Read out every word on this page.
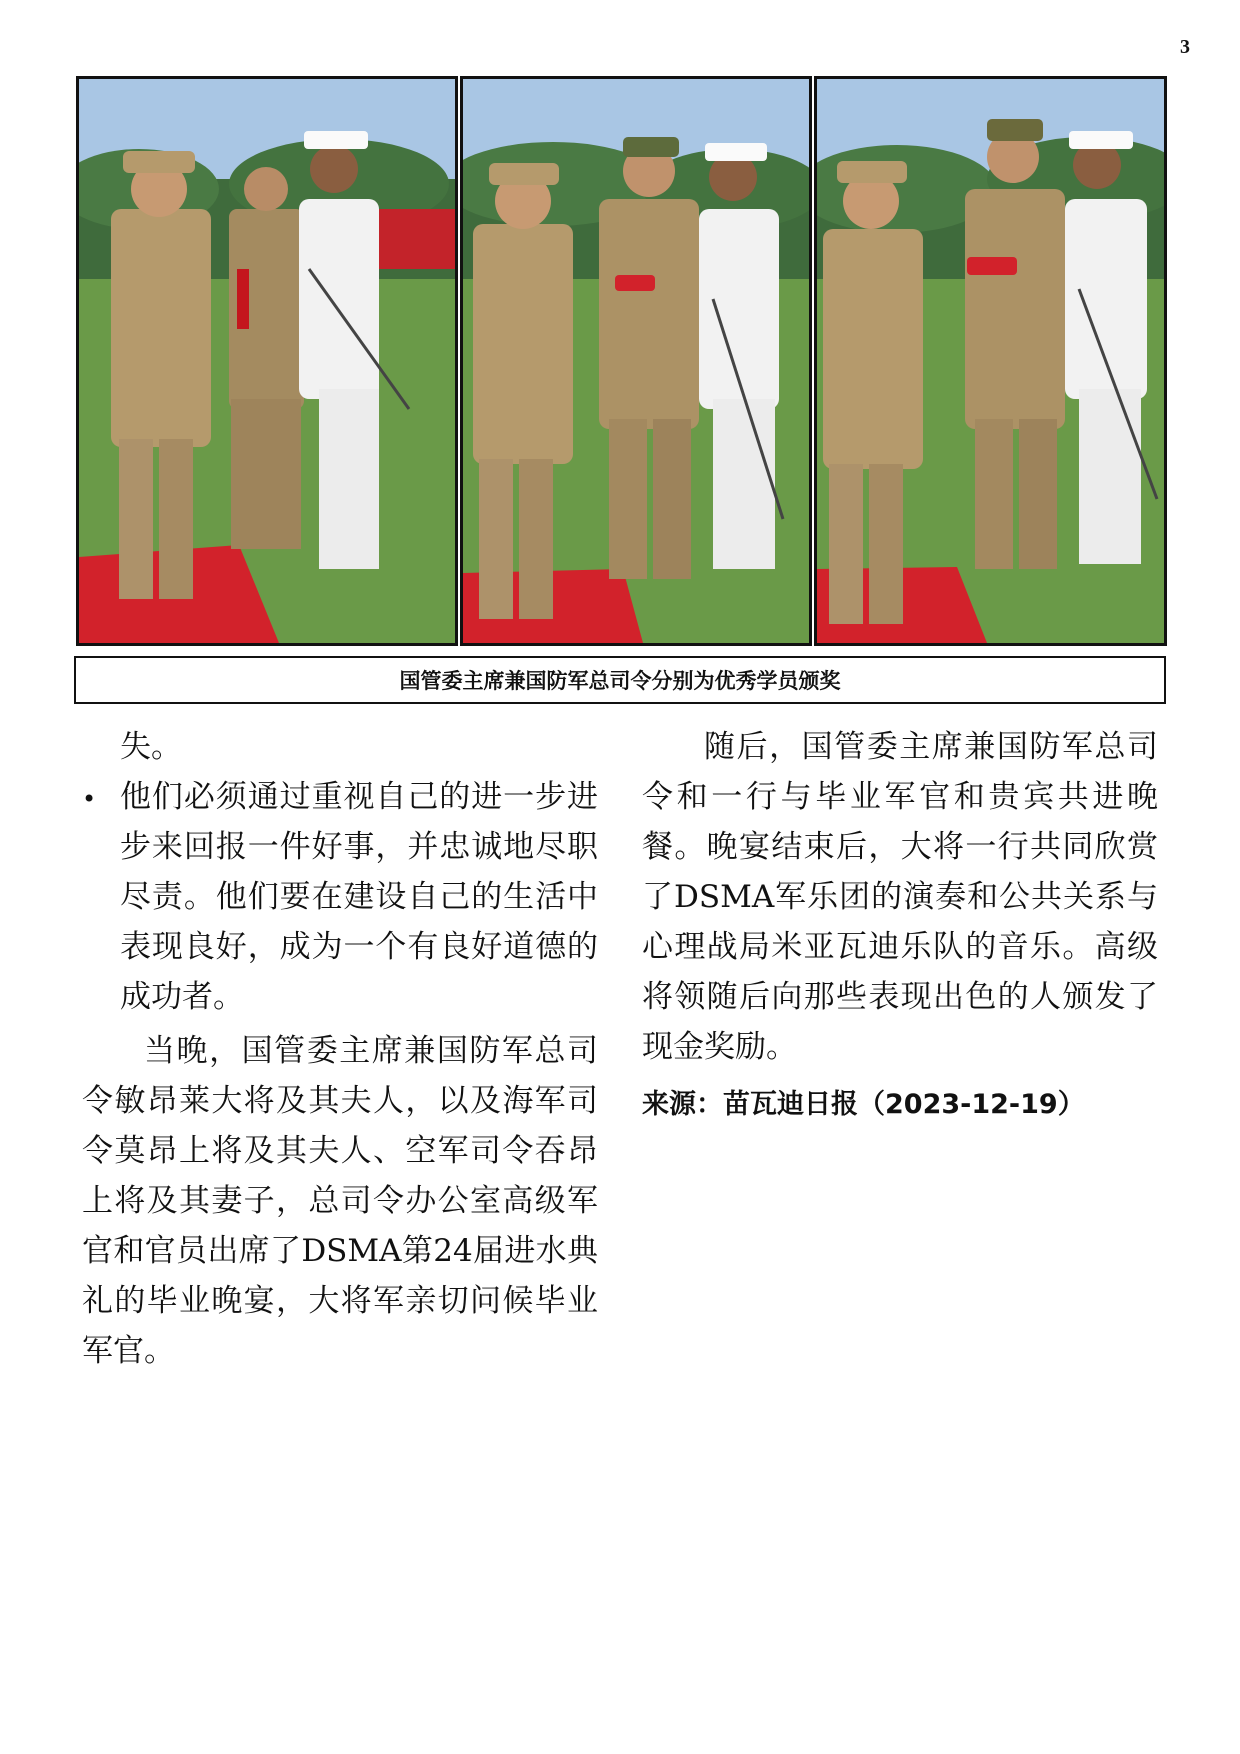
3
国管委主席兼国防军总司令分别为优秀学员颁奖

失。

• 他们必须通过重视自己的进一步进步来回报一件好事，并忠诚地尽职尽责。他们要在建设自己的生活中表现良好，成为一个有良好道德的成功者。

当晚，国管委主席兼国防军总司令敏昂莱大将及其夫人，以及海军司令莫昂上将及其夫人、空军司令吞昂上将及其妻子，总司令办公室高级军官和官员出席了DSMA第24届进水典礼的毕业晚宴，大将军亲切问候毕业军官。

随后，国管委主席兼国防军总司令和一行与毕业军官和贵宾共进晚餐。晚宴结束后，大将一行共同欣赏了DSMA军乐团的演奏和公共关系与心理战局米亚瓦迪乐队的音乐。高级将领随后向那些表现出色的人颁发了现金奖励。

来源：苗瓦迪日报（2023-12-19）
